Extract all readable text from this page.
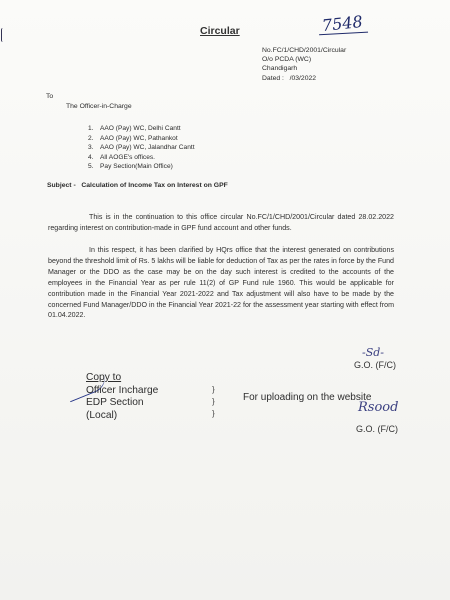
Circular	7548
No.FC/1/CHD/2001/Circular
O/o PCDA (WC)
Chandigarh
Dated :   /03/2022
To
The Officer-in-Charge
1. AAO (Pay) WC, Delhi Cantt
2. AAO (Pay) WC, Pathankot
3. AAO (Pay) WC, Jalandhar Cantt
4. All AOGE's offices.
5. Pay Section(Main Office)
Subject -   Calculation of Income Tax on Interest on GPF

This is in the continuation to this office circular No.FC/1/CHD/2001/Circular dated 28.02.2022 regarding interest on contribution-made in GPF fund account and other funds.

In this respect, it has been clarified by HQrs office that the interest generated on contributions beyond the threshold limit of Rs. 5 lakhs will be liable for deduction of Tax as per the rates in force by the Fund Manager or the DDO as the case may be on the day such interest is credited to the accounts of the employees in the Financial Year as per rule 11(2) of GP Fund rule 1960. This would be applicable for contribution made in the Financial Year 2021-2022 and Tax adjustment will also have to be made by the concerned Fund Manager/DDO in the Financial Year 2021-22 for the assessment year starting with effect from 01.04.2022.

-Sd-
G.O. (F/C)
Copy to
Officer Incharge
EDP Section
(Local)
}
}
}
For uploading on the website
Rsood
G.O. (F/C)
